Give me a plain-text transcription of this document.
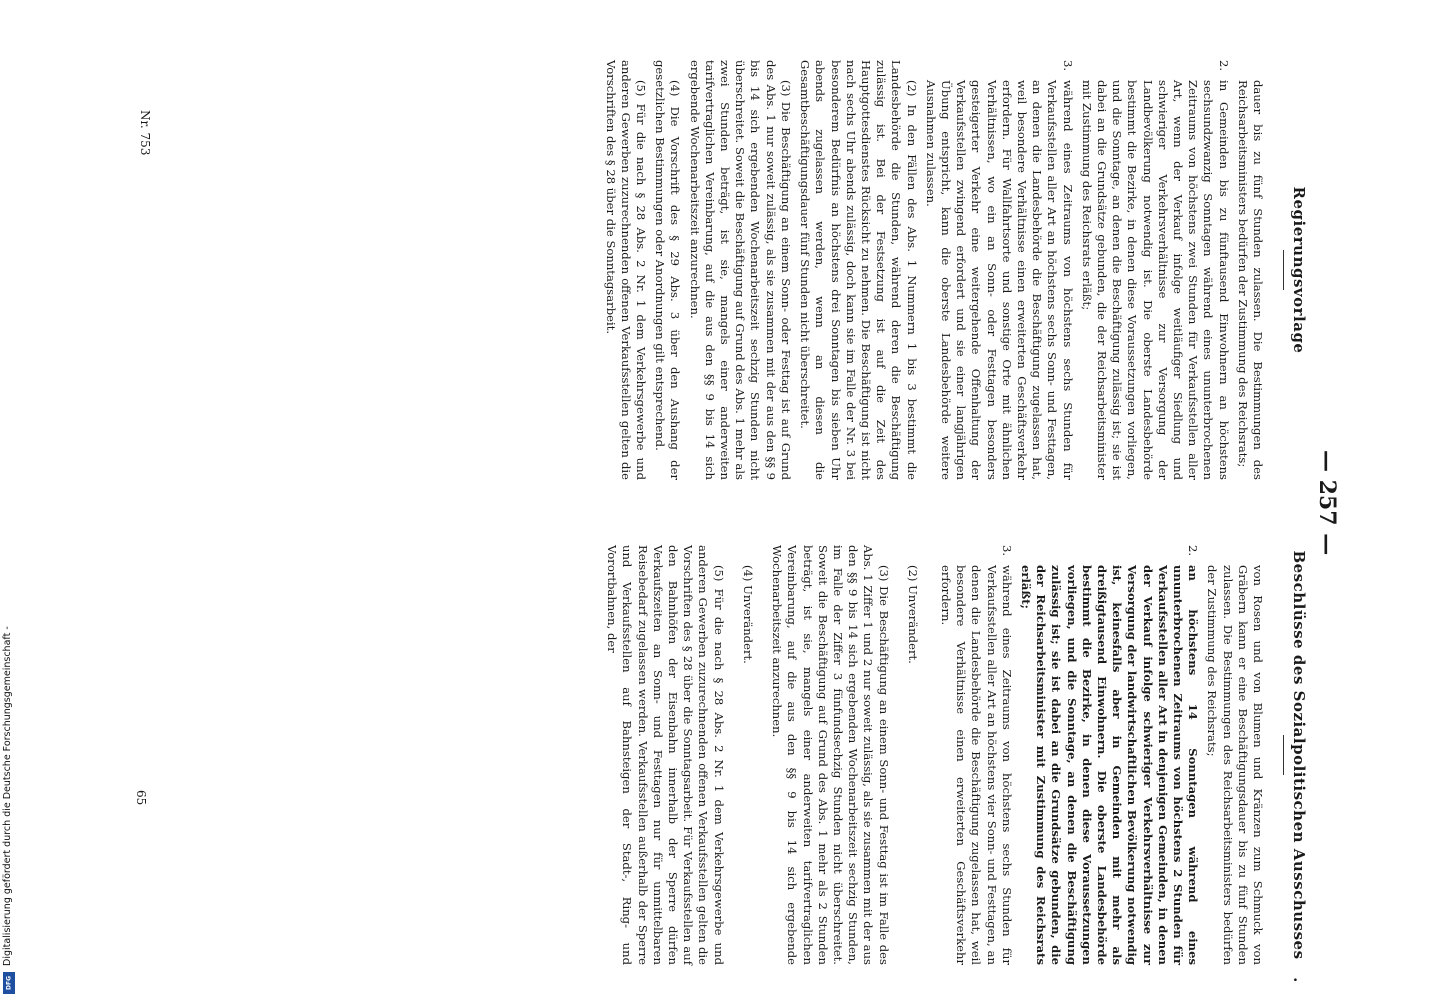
— 257 —
Regierungsvorlage
Beschlüsse des Sozialpolitischen Ausschusses
.

dauer bis zu fünf Stunden zulassen. Die Bestimmungen des Reichsarbeitsministers bedürfen der Zustimmung des Reichsrats;

2.

in Gemeinden bis zu fünftausend Einwohnern an höchstens sechsundzwanzig Sonntagen während eines ununterbrochenen Zeitraums von höchstens zwei Stunden für Verkaufsstellen aller Art, wenn der Verkauf infolge weitläufiger Siedlung und schwieriger Verkehrsverhältnisse zur Versorgung der Landbevölkerung notwendig ist. Die oberste Landesbehörde bestimmt die Bezirke, in denen diese Voraussetzungen vorliegen, und die Sonntage, an denen die Beschäftigung zulässig ist; sie ist dabei an die Grundsätze gebunden, die der Reichsarbeitsminister mit Zustimmung des Reichsrats erläßt;

3.

während eines Zeitraums von höchstens sechs Stunden für Verkaufsstellen aller Art an höchstens sechs Sonn- und Festtagen, an denen die Landesbehörde die Beschäftigung zugelassen hat, weil besondere Verhältnisse einen erweiterten Geschäftsverkehr erfordern. Für Wallfahrtsorte und sonstige Orte mit ähnlichen Verhältnissen, wo ein an Sonn- oder Festtagen besonders gesteigerter Verkehr eine weitergehende Offenhaltung der Verkaufsstellen zwingend erfordert und sie einer langjährigen Übung entspricht, kann die oberste Landesbehörde weitere Ausnahmen zulassen.

(2) In den Fällen des Abs. 1 Nummern 1 bis 3 bestimmt die Landesbehörde die Stunden, während deren die Beschäftigung zulässig ist. Bei der Festsetzung ist auf die Zeit des Hauptgottesdienstes Rücksicht zu nehmen. Die Beschäftigung ist nicht nach sechs Uhr abends zulässig, doch kann sie im Falle der Nr. 3 bei besonderem Bedürfnis an höchstens drei Sonntagen bis sieben Uhr abends zugelassen werden, wenn an diesen die Gesamtbeschäftigungsdauer fünf Stunden nicht überschreitet.

(3) Die Beschäftigung an einem Sonn- oder Festtag ist auf Grund des Abs. 1 nur soweit zulässig, als sie zusammen mit der aus den §§ 9 bis 14 sich ergebenden Wochenarbeitszeit sechzig Stunden nicht überschreitet. Soweit die Beschäftigung auf Grund des Abs. 1 mehr als zwei Stunden beträgt, ist sie, mangels einer anderweiten tarifvertraglichen Vereinbarung, auf die aus den §§ 9 bis 14 sich ergebende Wochenarbeitszeit anzurechnen.

(4) Die Vorschrift des § 29 Abs. 3 über den Aushang der gesetzlichen Bestimmungen oder Anordnungen gilt entsprechend.

(5) Für die nach § 28 Abs. 2 Nr. 1 dem Verkehrsgewerbe und anderen Gewerben zuzurechnenden offenen Verkaufsstellen gelten die Vorschriften des § 28 über die Sonntagsarbeit.

von Rosen und von Blumen und Kränzen zum Schmuck von Gräbern kann er eine Beschäftigungsdauer bis zu fünf Stunden zulassen. Die Bestimmungen des Reichsarbeitsministers bedürfen der Zustimmung des Reichsrats;

2.

an höchstens 14 Sonntagen während eines ununterbrochenen Zeitraums von höchstens 2 Stunden für Verkaufsstellen aller Art in denjenigen Gemeinden, in denen der Verkauf infolge schwieriger Verkehrsverhältnisse zur Versorgung der landwirtschaftlichen Bevölkerung notwendig ist, keinesfalls aber in Gemeinden mit mehr als dreißigtausend Einwohnern. Die oberste Landesbehörde bestimmt die Bezirke, in denen diese Voraussetzungen vorliegen, und die Sonntage, an denen die Beschäftigung zulässig ist; sie ist dabei an die Grundsätze gebunden, die der Reichsarbeitsminister mit Zustimmung des Reichsrats erläßt;

3.

während eines Zeitraums von höchstens sechs Stunden für Verkaufsstellen aller Art an höchstens vier Sonn- und Festtagen, an denen die Landesbehörde die Beschäftigung zugelassen hat, weil besondere Verhältnisse einen erweiterten Geschäftsverkehr erfordern.

(2) Unverändert.

(3) Die Beschäftigung an einem Sonn- und Festtag ist im Falle des Abs. 1 Ziffer 1 und 2 nur soweit zulässig, als sie zusammen mit der aus den §§ 9 bis 14 sich ergebenden Wochenarbeitszeit sechzig Stunden, im Falle der Ziffer 3 fünfundsechzig Stunden nicht überschreitet. Soweit die Beschäftigung auf Grund des Abs. 1 mehr als 2 Stunden beträgt, ist sie, mangels einer anderweiten tarifvertraglichen Vereinbarung, auf die aus den §§ 9 bis 14 sich ergebende Wochenarbeitszeit anzurechnen.

(4) Unverändert.

(5) Für die nach § 28 Abs. 2 Nr. 1 dem Verkehrsgewerbe und anderen Gewerben zuzurechnenden offenen Verkaufsstellen gelten die Vorschriften des § 28 über die Sonntagsarbeit. Für Verkaufsstellen auf den Bahnhöfen der Eisenbahn innerhalb der Sperre dürfen Verkaufszeiten an Sonn- und Festtagen nur für unmittelbaren Reisebedarf zugelassen werden. Verkaufsstellen außerhalb der Sperre und Verkaufsstellen auf Bahnsteigen der Stadt-, Ring- und Vorortbahnen, der

Nr. 753
65
Digitalisierung gefördert durch die Deutsche Forschungsgemeinschaft -
DFG
